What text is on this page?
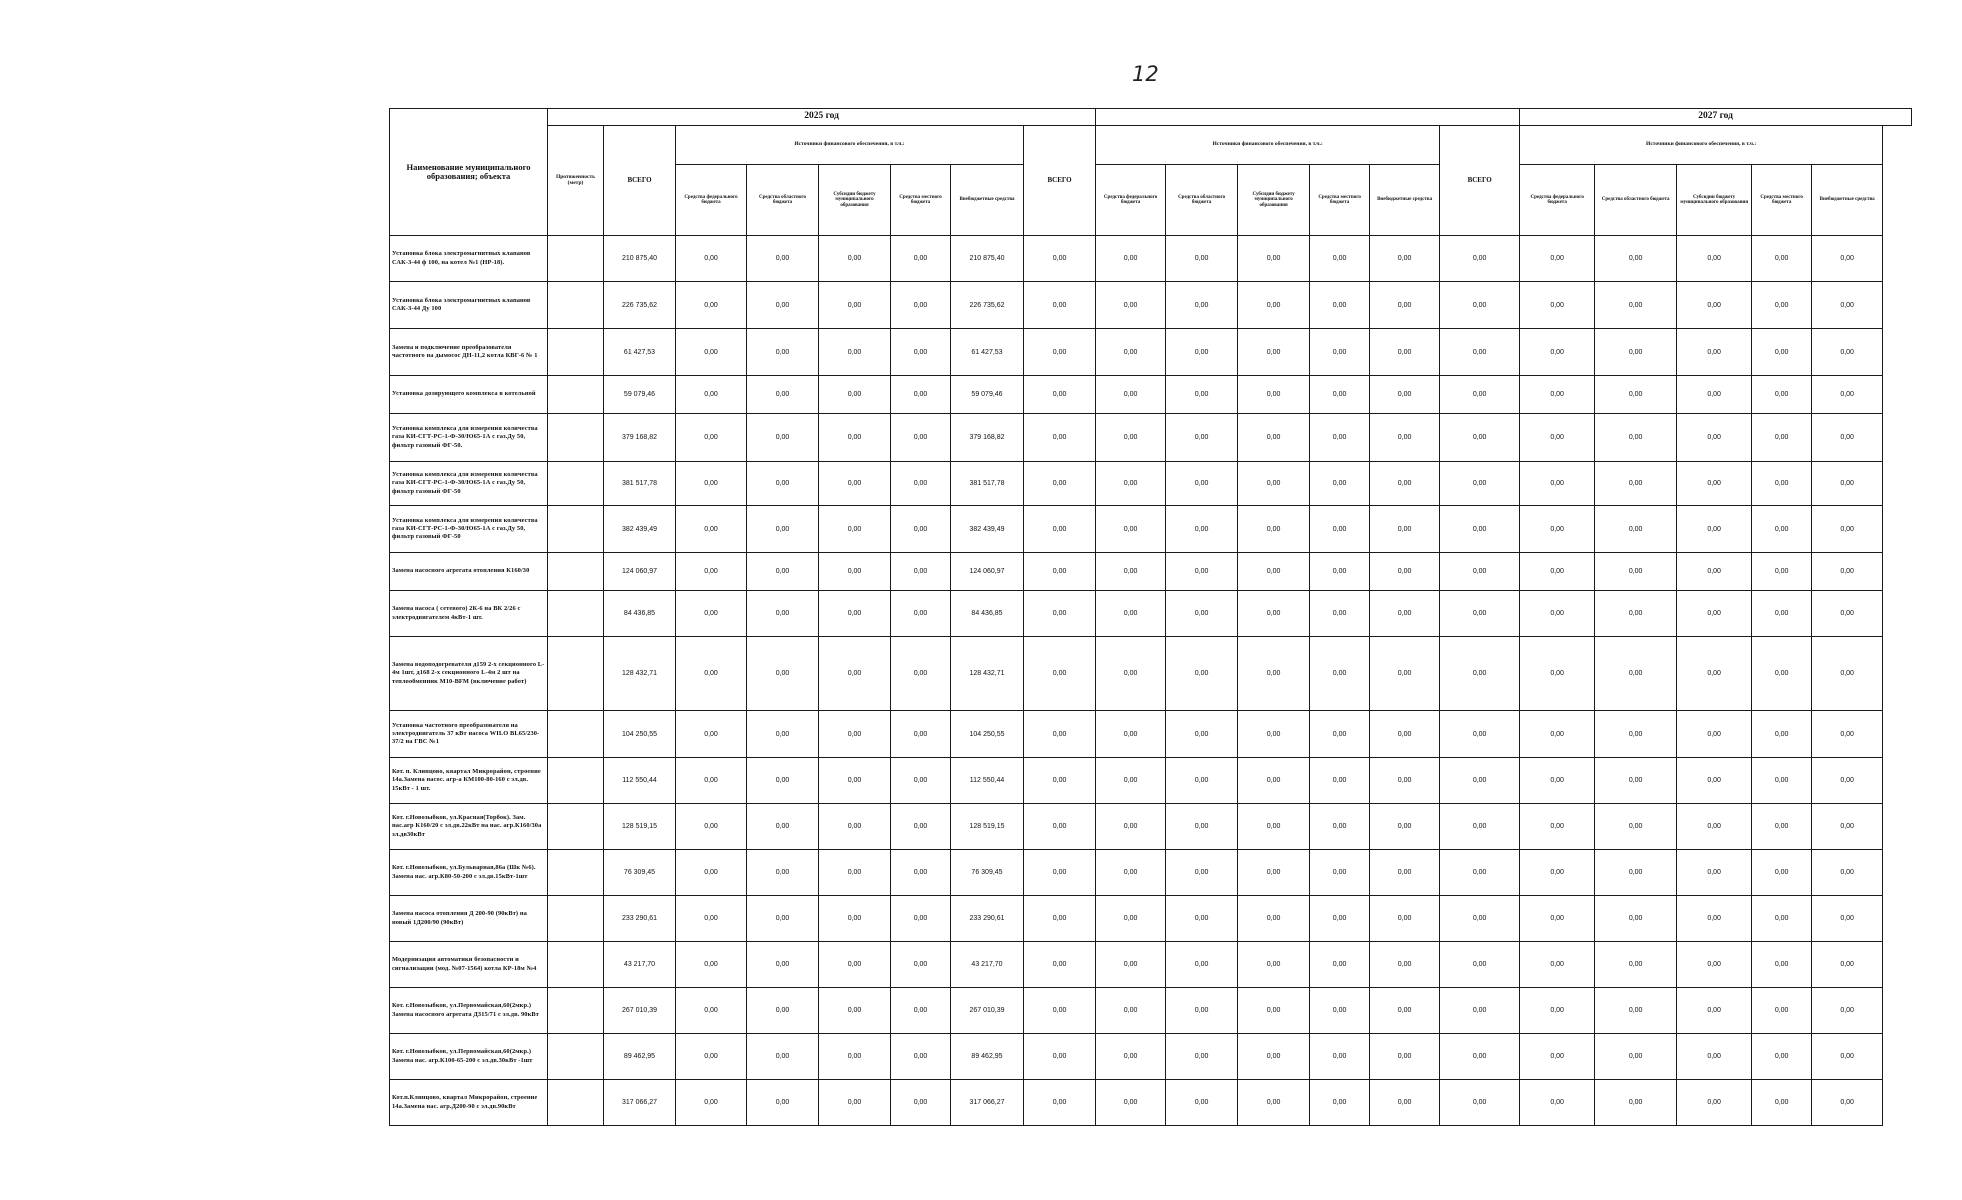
12
Наименование муниципального образования; объекта	2025 год														2027 год				
	Протяженность (метр)	ВСЕГО	Источники финансового обеспечения, в т.ч.:					ВСЕГО	Источники финансового обеспечения, в т.ч.:					ВСЕГО	Источники финансового обеспечения, в т.ч.:				
			Средства федерального бюджета	Средства областного бюджета	Субсидии бюджету муниципального образования	Средства местного бюджета	Внебюджетные средства		Средства федерального бюджета	Средства областного бюджета	Субсидии бюджету муниципального образования	Средства местного бюджета	Внебюджетные средства		Средства федерального бюджета	Средства областного бюджета	Субсидии бюджету муниципального образования	Средства местного бюджета	Внебюджетные средства
Установка блока электромагнитных клапанов САК-3-44 ф 100, на котел №1 (НР-18).		210 875,40	0,00	0,00	0,00	0,00	210 875,40	0,00	0,00	0,00	0,00	0,00	0,00	0,00	0,00	0,00	0,00	0,00	0,00
Установка блока электромагнитных клапанов САК-3-44 Ду 100		226 735,62	0,00	0,00	0,00	0,00	226 735,62	0,00	0,00	0,00	0,00	0,00	0,00	0,00	0,00	0,00	0,00	0,00	0,00
Замена и подключение преобразователя частотного на дымосос ДН-11,2 котла КВГ-6 № 1		61 427,53	0,00	0,00	0,00	0,00	61 427,53	0,00	0,00	0,00	0,00	0,00	0,00	0,00	0,00	0,00	0,00	0,00	0,00
Установка дозирующего комплекса в котельной		59 079,46	0,00	0,00	0,00	0,00	59 079,46	0,00	0,00	0,00	0,00	0,00	0,00	0,00	0,00	0,00	0,00	0,00	0,00
Установка комплекса для измерения количества газа КИ-СГТ-РС-1-Ф-30/Ю65-1А с газ.Ду 50, фильтр газовый ФГ-50.		379 168,82	0,00	0,00	0,00	0,00	379 168,82	0,00	0,00	0,00	0,00	0,00	0,00	0,00	0,00	0,00	0,00	0,00	0,00
Установка комплекса для измерения количества газа КИ-СГТ-РС-1-Ф-30/Ю65-1А с газ.Ду 50, фильтр газовый ФГ-50		381 517,78	0,00	0,00	0,00	0,00	381 517,78	0,00	0,00	0,00	0,00	0,00	0,00	0,00	0,00	0,00	0,00	0,00	0,00
Установка комплекса для измерения количества газа КИ-СГТ-РС-1-Ф-30/Ю65-1А с газ.Ду 50, фильтр газовый ФГ-50		382 439,49	0,00	0,00	0,00	0,00	382 439,49	0,00	0,00	0,00	0,00	0,00	0,00	0,00	0,00	0,00	0,00	0,00	0,00
Замена насосного агрегата отопления К160/30		124 060,97	0,00	0,00	0,00	0,00	124 060,97	0,00	0,00	0,00	0,00	0,00	0,00	0,00	0,00	0,00	0,00	0,00	0,00
Замена насоса ( сетевого) 2К-6 на ВК 2/26 с электродвигателем 4кВт-1 шт.		84 436,85	0,00	0,00	0,00	0,00	84 436,85	0,00	0,00	0,00	0,00	0,00	0,00	0,00	0,00	0,00	0,00	0,00	0,00
Замена водоподогревателя д159 2-х секционного L-4м 1шт, д168 2-х секционного L-4м 2 шт на теплообменник М10-BFM (включение работ)		128 432,71	0,00	0,00	0,00	0,00	128 432,71	0,00	0,00	0,00	0,00	0,00	0,00	0,00	0,00	0,00	0,00	0,00	0,00
Установка частотного преобразователя на электродвигатель 37 кВт насоса WILO BL65/230-37/2 на ГВС №1		104 250,55	0,00	0,00	0,00	0,00	104 250,55	0,00	0,00	0,00	0,00	0,00	0,00	0,00	0,00	0,00	0,00	0,00	0,00
Кот. п. Клинцово, квартал Микрорайон, строение 14а.Замена насос. агр-а КМ100-80-160 с эл.дв. 15кВт - 1 шт.		112 550,44	0,00	0,00	0,00	0,00	112 550,44	0,00	0,00	0,00	0,00	0,00	0,00	0,00	0,00	0,00	0,00	0,00	0,00
Кот. г.Новозыбков, ул.Красная(Торбок). Зам. нас.агр К160/20 с эл.дв.22кВт на нас. агр.К160/30а эл.дв30кВт		128 519,15	0,00	0,00	0,00	0,00	128 519,15	0,00	0,00	0,00	0,00	0,00	0,00	0,00	0,00	0,00	0,00	0,00	0,00
Кот. г.Новозыбков, ул.Бульварная,86а (Шк №6). Замена нас. агр.К80-50-200 с эл.дв.15кВт-1шт		76 309,45	0,00	0,00	0,00	0,00	76 309,45	0,00	0,00	0,00	0,00	0,00	0,00	0,00	0,00	0,00	0,00	0,00	0,00
Замена насоса отопления Д 200-90 (90кВт) на новый 1Д200/90 (90кВт)		233 290,61	0,00	0,00	0,00	0,00	233 290,61	0,00	0,00	0,00	0,00	0,00	0,00	0,00	0,00	0,00	0,00	0,00	0,00
Модернизация автоматики безопасности и сигнализации (мод. №07-1564) котла КР-18м №4		43 217,70	0,00	0,00	0,00	0,00	43 217,70	0,00	0,00	0,00	0,00	0,00	0,00	0,00	0,00	0,00	0,00	0,00	0,00
Кот. г.Новозыбков, ул.Первомайская,60(2мкр.) Замена насосного агрегата Д315/71 с эл.дв. 90кВт		267 010,39	0,00	0,00	0,00	0,00	267 010,39	0,00	0,00	0,00	0,00	0,00	0,00	0,00	0,00	0,00	0,00	0,00	0,00
Кот. г.Новозыбков, ул.Первомайская,60(2мкр.) Замена нас. агр.К100-65-200 с эл.дв.30кВт -1шт		89 462,95	0,00	0,00	0,00	0,00	89 462,95	0,00	0,00	0,00	0,00	0,00	0,00	0,00	0,00	0,00	0,00	0,00	0,00
Кот.п.Клинцово, квартал Микрорайон, строение 14а.Замена нас. агр.Д200-90 с эл.дв.90кВт		317 066,27	0,00	0,00	0,00	0,00	317 066,27	0,00	0,00	0,00	0,00	0,00	0,00	0,00	0,00	0,00	0,00	0,00	0,00
